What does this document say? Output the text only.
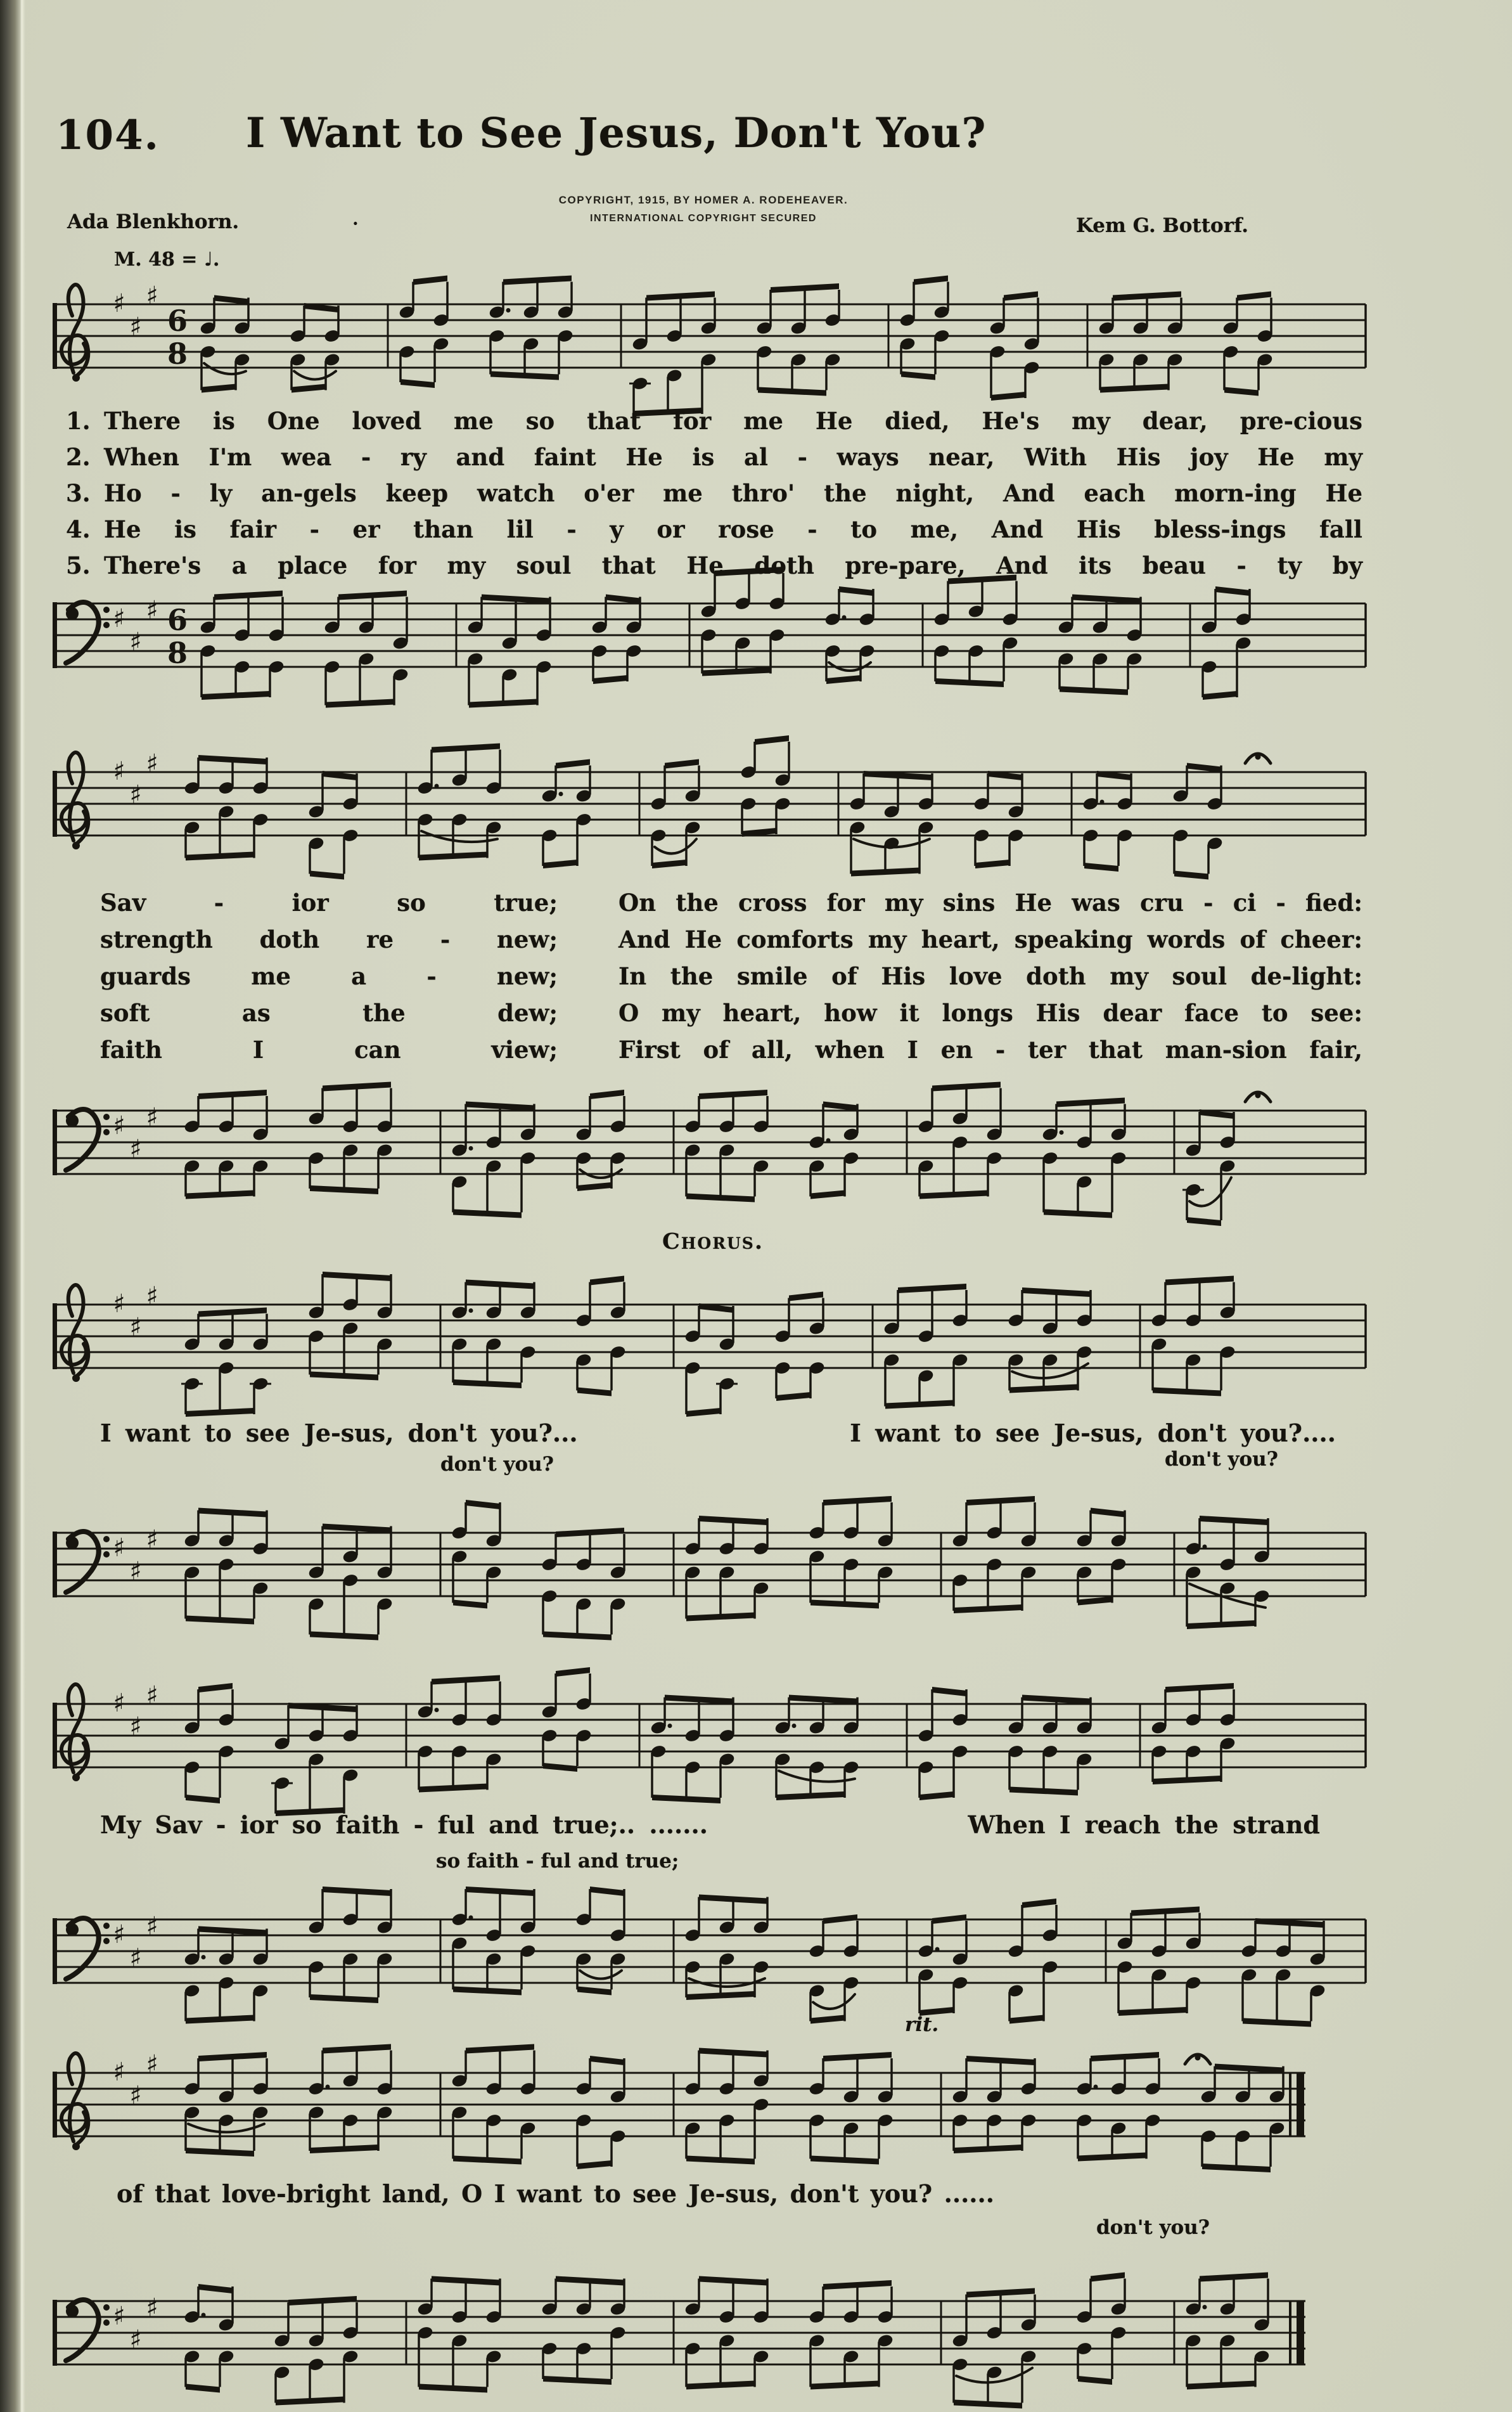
♯
♯
♯
6
8
♯
♯
♯ 6
8
♯
♯
♯
♯
♯
♯
♯
♯
♯
♯
♯
♯
♯
♯
♯
♯
♯
♯
♯
♯
♯
♯
♯
♯
104. I Want to See Jesus, Don't You?
COPYRIGHT, 1915, BY HOMER A. RODEHEAVER.
INTERNATIONAL COPYRIGHT SECURED
Ada Blenkhorn.	·	Kem G. Bottorf.
M. 48 = ♩.
1. There is One loved me so that for me He died, He's my dear, pre-cious
2. When I'm wea - ry and faint He is al - ways near, With His joy He my
3. Ho - ly an-gels keep watch o'er me thro' the night, And each morn-ing He
4. He is fair - er than lil - y or rose - to me, And His bless-ings fall
5. There's a place for my soul that He doth pre-pare, And its beau - ty by
Sav - ior so true;	On the cross for my sins He was cru - ci - fied:
strength doth re - new;	And He comforts my heart, speaking words of cheer:
guards me a - new;	In the smile of His love doth my soul de-light:
soft as the dew;	O my heart, how it longs His dear face to see:
faith I can view;	First of all, when I en - ter that man-sion fair,
Chorus.
I want to see Je-sus, don't you?...	I want to see Je-sus, don't you?....
don't you?	don't you?
My Sav - ior so faith - ful and true;.. .......	When I reach the strand
so faith - ful and true;
of that love-bright land, O I want to see Je-sus, don't you? ......
don't you?
rit.
